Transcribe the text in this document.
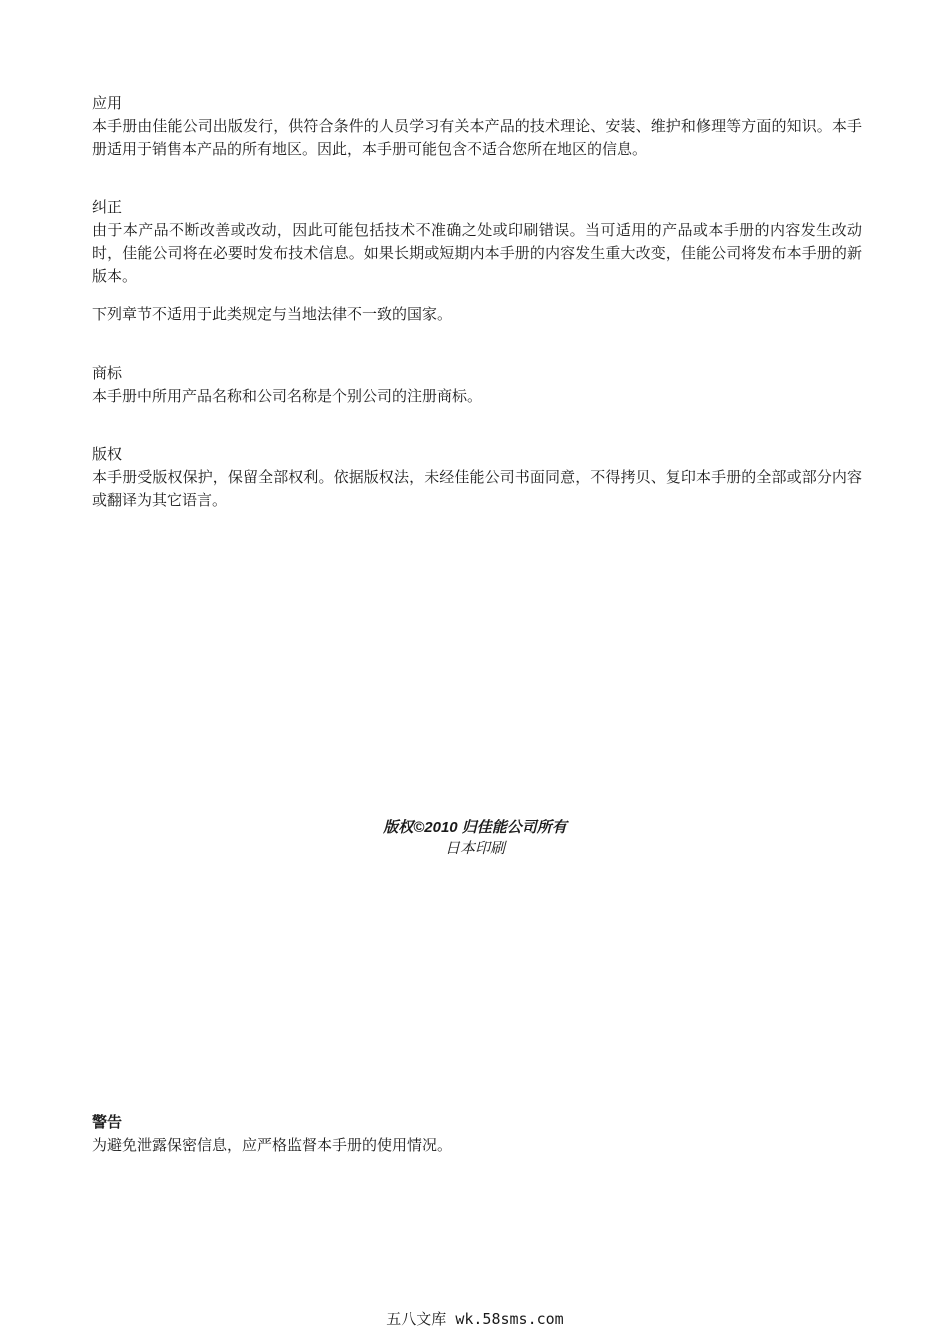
应用
本手册由佳能公司出版发行，供符合条件的人员学习有关本产品的技术理论、安装、维护和修理等方面的知识。本手册适用于销售本产品的所有地区。因此，本手册可能包含不适合您所在地区的信息。
纠正
由于本产品不断改善或改动，因此可能包括技术不准确之处或印刷错误。当可适用的产品或本手册的内容发生改动时，佳能公司将在必要时发布技术信息。如果长期或短期内本手册的内容发生重大改变，佳能公司将发布本手册的新版本。
下列章节不适用于此类规定与当地法律不一致的国家。
商标
本手册中所用产品名称和公司名称是个别公司的注册商标。
版权
本手册受版权保护，保留全部权利。依据版权法，未经佳能公司书面同意，不得拷贝、复印本手册的全部或部分内容或翻译为其它语言。
版权©2010 归佳能公司所有
日本印刷
警告
为避免泄露保密信息，应严格监督本手册的使用情况。
五八文库 wk.58sms.com
